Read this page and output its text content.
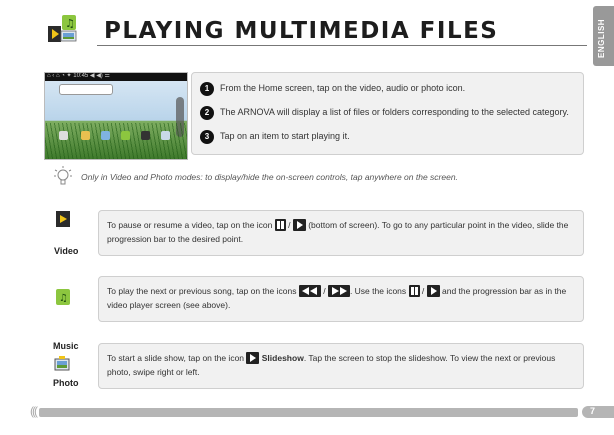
♫ PLAYING MULTIMEDIA FILES	ENGLISH
⌂ ‹ ⌂ ◔ ✦ 10:45 ◀ ◀) ☰
1	From the Home screen, tap on the video, audio or photo icon.
2	The ARNOVA will display a list of files or folders corresponding to the selected category.
3	Tap on an item to start playing it.
Only in Video and Photo modes: to display/hide the on-screen controls, tap anywhere on the screen.
Video
To pause or resume a video, tap on the icon  /  (bottom of screen). To go to any particular point in the video, slide the progression bar to the desired point.
♫
Music
To play the next or previous song, tap on the icons	/	. Use the icons  /  and the progression bar as in the video player screen (see above).
Photo
To start a slide show, tap on the icon  Slideshow. Tap the screen to stop the slideshow. To view the next or previous photo, swipe right or left.
(((	7
